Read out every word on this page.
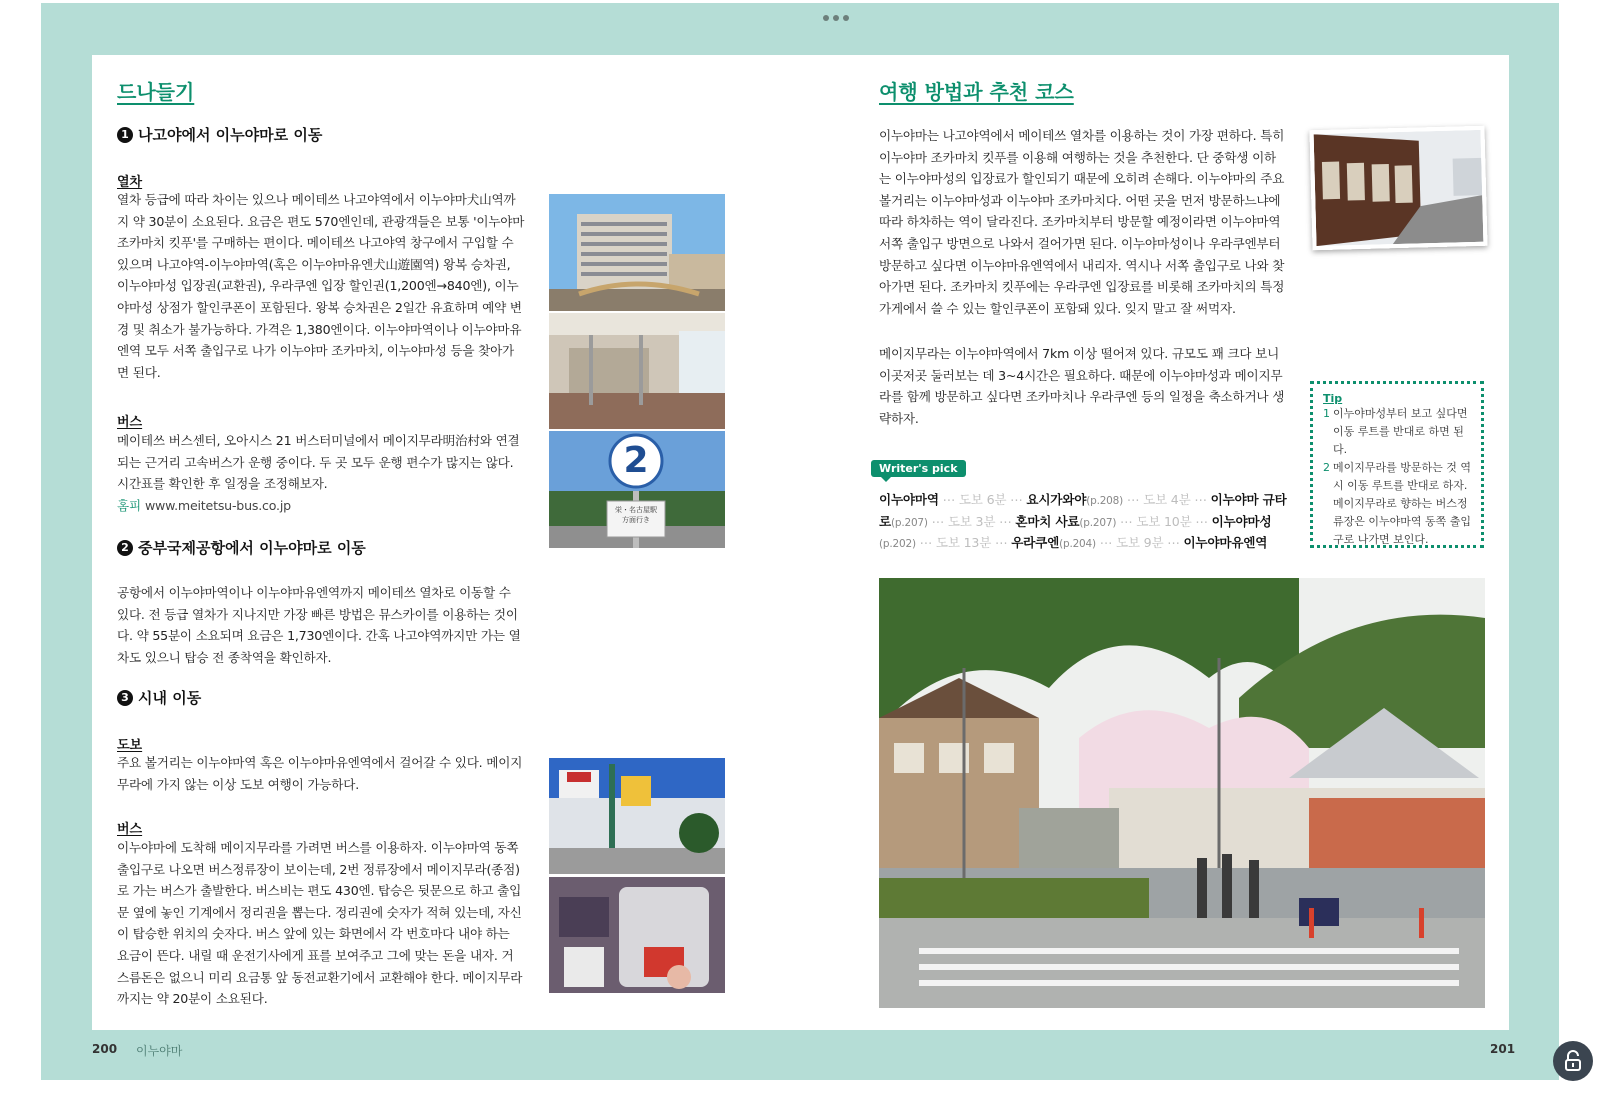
드나들기
1 나고야에서 이누야마로 이동
열차

열차 등급에 따라 차이는 있으나 메이테쓰 나고야역에서 이누야마犬山역까지 약 30분이 소요된다. 요금은 편도 570엔인데, 관광객들은 보통 '이누야마 조카마치 킷푸'를 구매하는 편이다. 메이테쓰 나고야역 창구에서 구입할 수 있으며 나고야역-이누야마역(혹은 이누야마유엔犬山遊園역) 왕복 승차권, 이누야마성 입장권(교환권), 우라쿠엔 입장 할인권(1,200엔→840엔), 이누야마성 상점가 할인쿠폰이 포함된다. 왕복 승차권은 2일간 유효하며 예약 변경 및 취소가 불가능하다. 가격은 1,380엔이다. 이누야마역이나 이누야마유엔역 모두 서쪽 출입구로 나가 이누야마 조카마치, 이누야마성 등을 찾아가면 된다.

버스

메이테쓰 버스센터, 오아시스 21 버스터미널에서 메이지무라明治村와 연결되는 근거리 고속버스가 운행 중이다. 두 곳 모두 운행 편수가 많지는 않다. 시간표를 확인한 후 일정을 조정해보자.

홈피 www.meitetsu-bus.co.jp

2 중부국제공항에서 이누야마로 이동

공항에서 이누야마역이나 이누야마유엔역까지 메이테쓰 열차로 이동할 수 있다. 전 등급 열차가 지나지만 가장 빠른 방법은 뮤스카이를 이용하는 것이다. 약 55분이 소요되며 요금은 1,730엔이다. 간혹 나고야역까지만 가는 열차도 있으니 탑승 전 종착역을 확인하자.

3 시내 이동
도보

주요 볼거리는 이누야마역 혹은 이누야마유엔역에서 걸어갈 수 있다. 메이지무라에 가지 않는 이상 도보 여행이 가능하다.

버스

이누야마에 도착해 메이지무라를 가려면 버스를 이용하자. 이누야마역 동쪽 출입구로 나오면 버스정류장이 보이는데, 2번 정류장에서 메이지무라(종점)로 가는 버스가 출발한다. 버스비는 편도 430엔. 탑승은 뒷문으로 하고 출입문 옆에 놓인 기계에서 정리권을 뽑는다. 정리권에 숫자가 적혀 있는데, 자신이 탑승한 위치의 숫자다. 버스 앞에 있는 화면에서 각 번호마다 내야 하는 요금이 뜬다. 내릴 때 운전기사에게 표를 보여주고 그에 맞는 돈을 내자. 거스름돈은 없으니 미리 요금통 앞 동전교환기에서 교환해야 한다. 메이지무라까지는 약 20분이 소요된다.

2
栄・名古屋駅
方面行き
200 이누야마
여행 방법과 추천 코스

이누야마는 나고야역에서 메이테쓰 열차를 이용하는 것이 가장 편하다. 특히 이누야마 조카마치 킷푸를 이용해 여행하는 것을 추천한다. 단 중학생 이하는 이누야마성의 입장료가 할인되기 때문에 오히려 손해다. 이누야마의 주요 볼거리는 이누야마성과 이누야마 조카마치다. 어떤 곳을 먼저 방문하느냐에 따라 하차하는 역이 달라진다. 조카마치부터 방문할 예정이라면 이누야마역 서쪽 출입구 방면으로 나와서 걸어가면 된다. 이누야마성이나 우라쿠엔부터 방문하고 싶다면 이누야마유엔역에서 내리자. 역시나 서쪽 출입구로 나와 찾아가면 된다. 조카마치 킷푸에는 우라쿠엔 입장료를 비롯해 조카마치의 특정 가게에서 쓸 수 있는 할인쿠폰이 포함돼 있다. 잊지 말고 잘 써먹자.

메이지무라는 이누야마역에서 7km 이상 떨어져 있다. 규모도 꽤 크다 보니 이곳저곳 둘러보는 데 3~4시간은 필요하다. 때문에 이누야마성과 메이지무라를 함께 방문하고 싶다면 조카마치나 우라쿠엔 등의 일정을 축소하거나 생략하자.

Writer's pick

이누야마역 ⋯ 도보 6분 ⋯ 요시가와야(p.208) ⋯ 도보 4분 ⋯ 이누야마 규타로(p.207) ⋯ 도보 3분 ⋯ 혼마치 사료(p.207) ⋯ 도보 10분 ⋯ 이누야마성(p.202) ⋯ 도보 13분 ⋯ 우라쿠엔(p.204) ⋯ 도보 9분 ⋯ 이누야마유엔역

Tip
1 이누야마성부터 보고 싶다면 이동 루트를 반대로 하면 된다.
2 메이지무라를 방문하는 것 역시 이동 루트를 반대로 하자. 메이지무라로 향하는 버스정류장은 이누야마역 동쪽 출입구로 나가면 보인다.
201
